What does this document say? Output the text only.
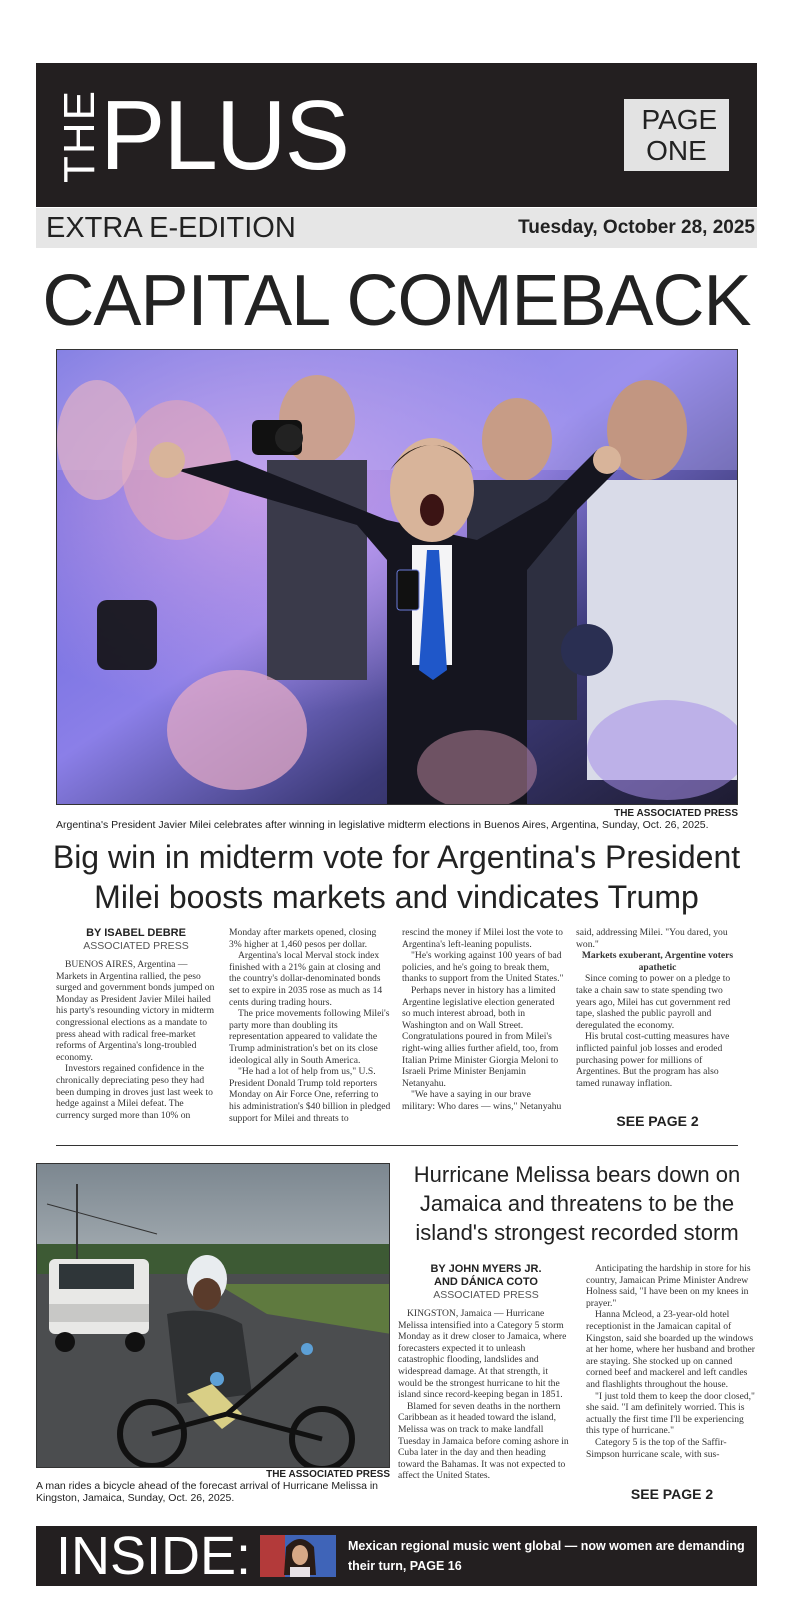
THE
PLUS	PAGE ONE
EXTRA E-EDITION	Tuesday, October 28, 2025
CAPITAL COMEBACK
THE ASSOCIATED PRESS
Argentina's President Javier Milei celebrates after winning in legislative midterm elections in Buenos Aires, Argentina, Sunday, Oct. 26, 2025.
Big win in midterm vote for Argentina's President Milei boosts markets and vindicates Trump
BY ISABEL DEBRE
ASSOCIATED PRESS

BUENOS AIRES, Argentina — Markets in Argentina rallied, the peso surged and government bonds jumped on Monday as President Javier Milei hailed his party's resounding victory in midterm congressional elections as a mandate to press ahead with radical free-market reforms of Argentina's long-troubled economy.

Investors regained confidence in the chronically depreciating peso they had been dumping in droves just last week to hedge against a Milei defeat. The currency surged more than 10% on

Monday after markets opened, closing 3% higher at 1,460 pesos per dollar.

Argentina's local Merval stock index finished with a 21% gain at closing and the country's dollar-denominated bonds set to expire in 2035 rose as much as 14 cents during trading hours.

The price movements following Milei's party more than doubling its representation appeared to validate the Trump administration's bet on its close ideological ally in South America.

"He had a lot of help from us," U.S. President Donald Trump told reporters Monday on Air Force One, referring to his administration's $40 billion in pledged support for Milei and threats to

rescind the money if Milei lost the vote to Argentina's left-leaning populists.

"He's working against 100 years of bad policies, and he's going to break them, thanks to support from the United States."

Perhaps never in history has a limited Argentine legislative election generated so much interest abroad, both in Washington and on Wall Street. Congratulations poured in from Milei's right-wing allies further afield, too, from Italian Prime Minister Giorgia Meloni to Israeli Prime Minister Benjamin Netanyahu.

"We have a saying in our brave military: Who dares — wins," Netanyahu

said, addressing Milei. "You dared, you won."

Markets exuberant, Argentine voters apathetic

Since coming to power on a pledge to take a chain saw to state spending two years ago, Milei has cut government red tape, slashed the public payroll and deregulated the economy.

His brutal cost-cutting measures have inflicted painful job losses and eroded purchasing power for millions of Argentines. But the program has also tamed runaway inflation.

SEE PAGE 2
THE ASSOCIATED PRESS
A man rides a bicycle ahead of the forecast arrival of Hurricane Melissa in Kingston, Jamaica, Sunday, Oct. 26, 2025.
Hurricane Melissa bears down on Jamaica and threatens to be the island's strongest recorded storm
BY JOHN MYERS JR.
AND DÁNICA COTO
ASSOCIATED PRESS

KINGSTON, Jamaica — Hurricane Melissa intensified into a Category 5 storm Monday as it drew closer to Jamaica, where forecasters expected it to unleash catastrophic flooding, landslides and widespread damage. At that strength, it would be the strongest hurricane to hit the island since record-keeping began in 1851.

Blamed for seven deaths in the northern Caribbean as it headed toward the island, Melissa was on track to make landfall Tuesday in Jamaica before coming ashore in Cuba later in the day and then heading toward the Bahamas. It was not expected to affect the United States.

Anticipating the hardship in store for his country, Jamaican Prime Minister Andrew Holness said, "I have been on my knees in prayer."

Hanna Mcleod, a 23-year-old hotel receptionist in the Jamaican capital of Kingston, said she boarded up the windows at her home, where her husband and brother are staying. She stocked up on canned corned beef and mackerel and left candles and flashlights throughout the house.

"I just told them to keep the door closed," she said. "I am definitely worried. This is actually the first time I'll be experiencing this type of hurricane."

Category 5 is the top of the Saffir-Simpson hurricane scale, with sus-

SEE PAGE 2
INSIDE:	Mexican regional music went global — now women are demanding their turn, PAGE 16
